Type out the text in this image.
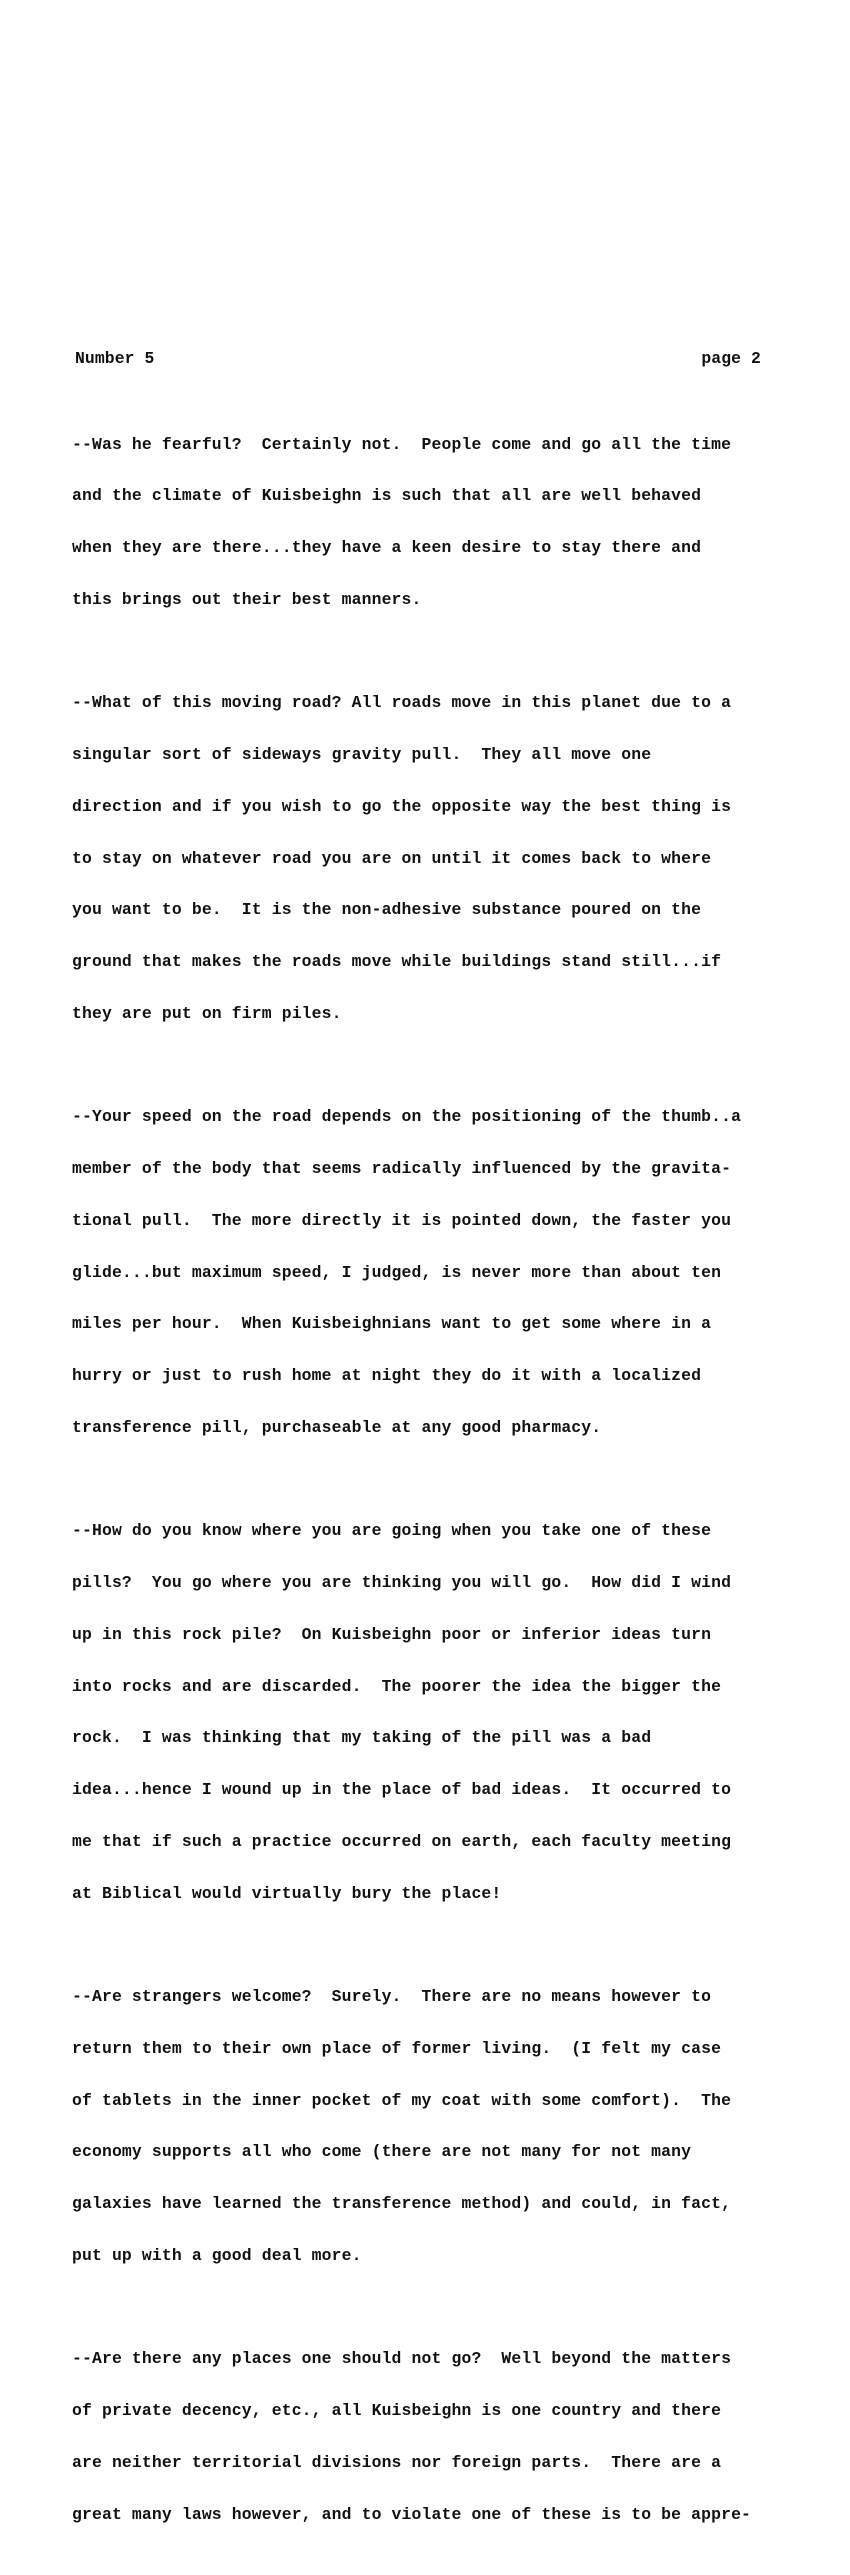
Number 5	page 2

--Was he fearful?  Certainly not.  People come and go all the time

and the climate of Kuisbeighn is such that all are well behaved

when they are there...they have a keen desire to stay there and

this brings out their best manners.

--What of this moving road? All roads move in this planet due to a

singular sort of sideways gravity pull.  They all move one

direction and if you wish to go the opposite way the best thing is

to stay on whatever road you are on until it comes back to where

you want to be.  It is the non-adhesive substance poured on the

ground that makes the roads move while buildings stand still...if

they are put on firm piles.

--Your speed on the road depends on the positioning of the thumb..a

member of the body that seems radically influenced by the gravita-

tional pull.  The more directly it is pointed down, the faster you

glide...but maximum speed, I judged, is never more than about ten

miles per hour.  When Kuisbeighnians want to get some where in a

hurry or just to rush home at night they do it with a localized

transference pill, purchaseable at any good pharmacy.

--How do you know where you are going when you take one of these

pills?  You go where you are thinking you will go.  How did I wind

up in this rock pile?  On Kuisbeighn poor or inferior ideas turn

into rocks and are discarded.  The poorer the idea the bigger the

rock.  I was thinking that my taking of the pill was a bad

idea...hence I wound up in the place of bad ideas.  It occurred to

me that if such a practice occurred on earth, each faculty meeting

at Biblical would virtually bury the place!

--Are strangers welcome?  Surely.  There are no means however to

return them to their own place of former living.  (I felt my case

of tablets in the inner pocket of my coat with some comfort).  The

economy supports all who come (there are not many for not many

galaxies have learned the transference method) and could, in fact,

put up with a good deal more.

--Are there any places one should not go?  Well beyond the matters

of private decency, etc., all Kuisbeighn is one country and there

are neither territorial divisions nor foreign parts.  There are a

great many laws however, and to violate one of these is to be appre-
